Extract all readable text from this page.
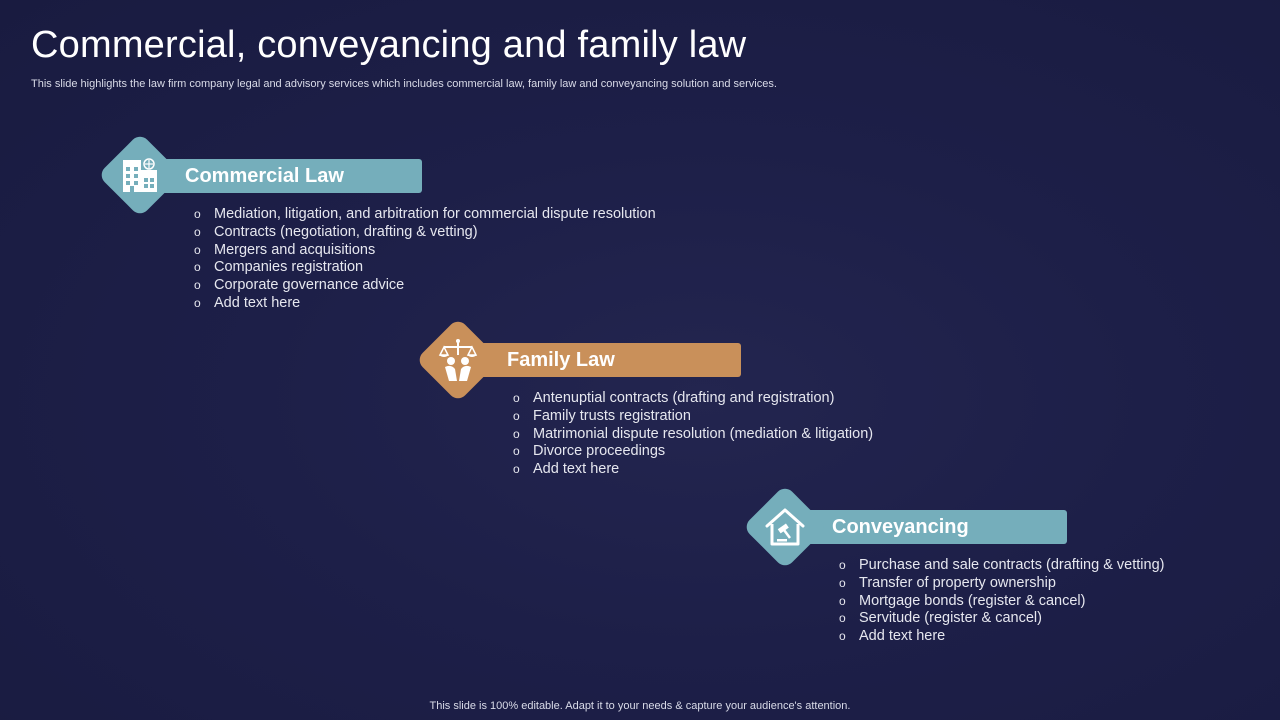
Commercial, conveyancing and family law
This slide highlights the law firm company legal and advisory services which includes commercial law, family law and conveyancing solution and services.
Commercial Law
o Mediation, litigation, and arbitration for commercial dispute resolution
o Contracts (negotiation, drafting & vetting)
o Mergers and acquisitions
o Companies registration
o Corporate governance advice
o Add text here
Family Law
o Antenuptial contracts (drafting and registration)
o Family trusts registration
o Matrimonial dispute resolution (mediation & litigation)
o Divorce proceedings
o Add text here
Conveyancing
o Purchase and sale contracts (drafting & vetting)
o Transfer of property ownership
o Mortgage bonds (register & cancel)
o Servitude (register & cancel)
o Add text here
This slide is 100% editable. Adapt it to your needs & capture your audience's attention.
